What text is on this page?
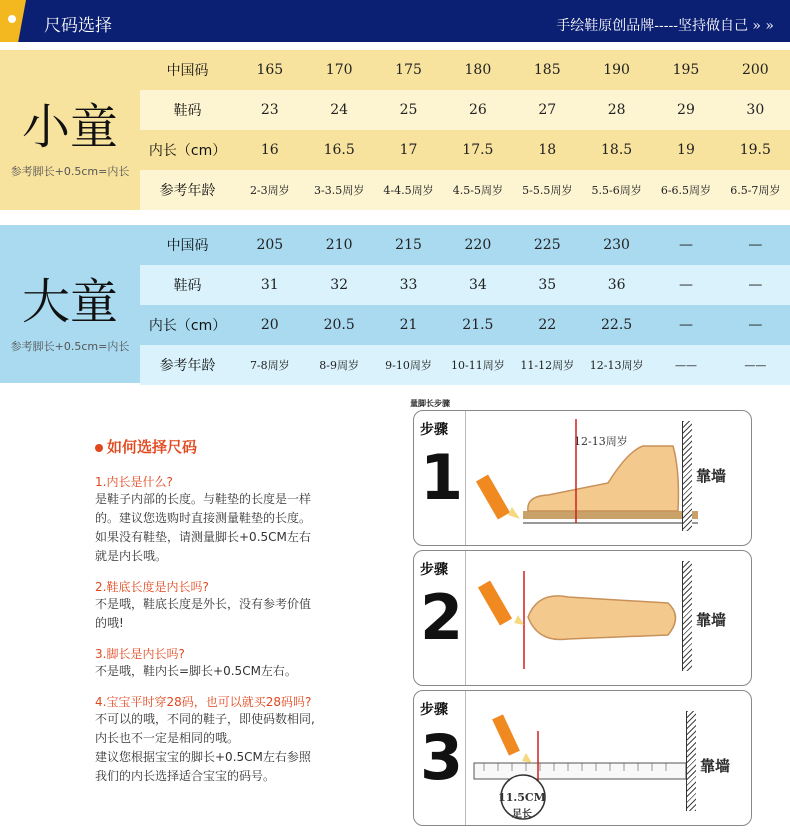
尺码选择	手绘鞋原创品牌-----坚持做自己 » »
小童
参考脚长+0.5cm=内长
中国码	165	170	175	180	185	190	195	200
鞋码	23	24	25	26	27	28	29	30
内长（cm）	16	16.5	17	17.5	18	18.5	19	19.5
参考年龄	2-3周岁	3-3.5周岁	4-4.5周岁	4.5-5周岁	5-5.5周岁	5.5-6周岁	6-6.5周岁	6.5-7周岁
大童
参考脚长+0.5cm=内长
中国码	205	210	215	220	225	230	—	—
鞋码	31	32	33	34	35	36	—	—
内长（cm）	20	20.5	21	21.5	22	22.5	—	—
参考年龄	7-8周岁	8-9周岁	9-10周岁	10-11周岁	11-12周岁	12-13周岁	——	——
如何选择尺码
1.内长是什么?
是鞋子内部的长度。与鞋垫的长度是一样
的。建议您选购时直接测量鞋垫的长度。
如果没有鞋垫，请测量脚长+0.5CM左右
就是内长哦。
2.鞋底长度是内长吗?
不是哦，鞋底长度是外长，没有参考价值
的哦!
3.脚长是内长吗?
不是哦，鞋内长=脚长+0.5CM左右。
4.宝宝平时穿28码，也可以就买28码吗?
不可以的哦，不同的鞋子，即使码数相同,
内长也不一定是相同的哦。
建议您根据宝宝的脚长+0.5CM左右参照
我们的内长选择适合宝宝的码号。
量脚长步骤
步骤
1	12-13周岁
靠墙
步骤
2	靠墙
步骤
3
11.5CM
足长
靠墙
